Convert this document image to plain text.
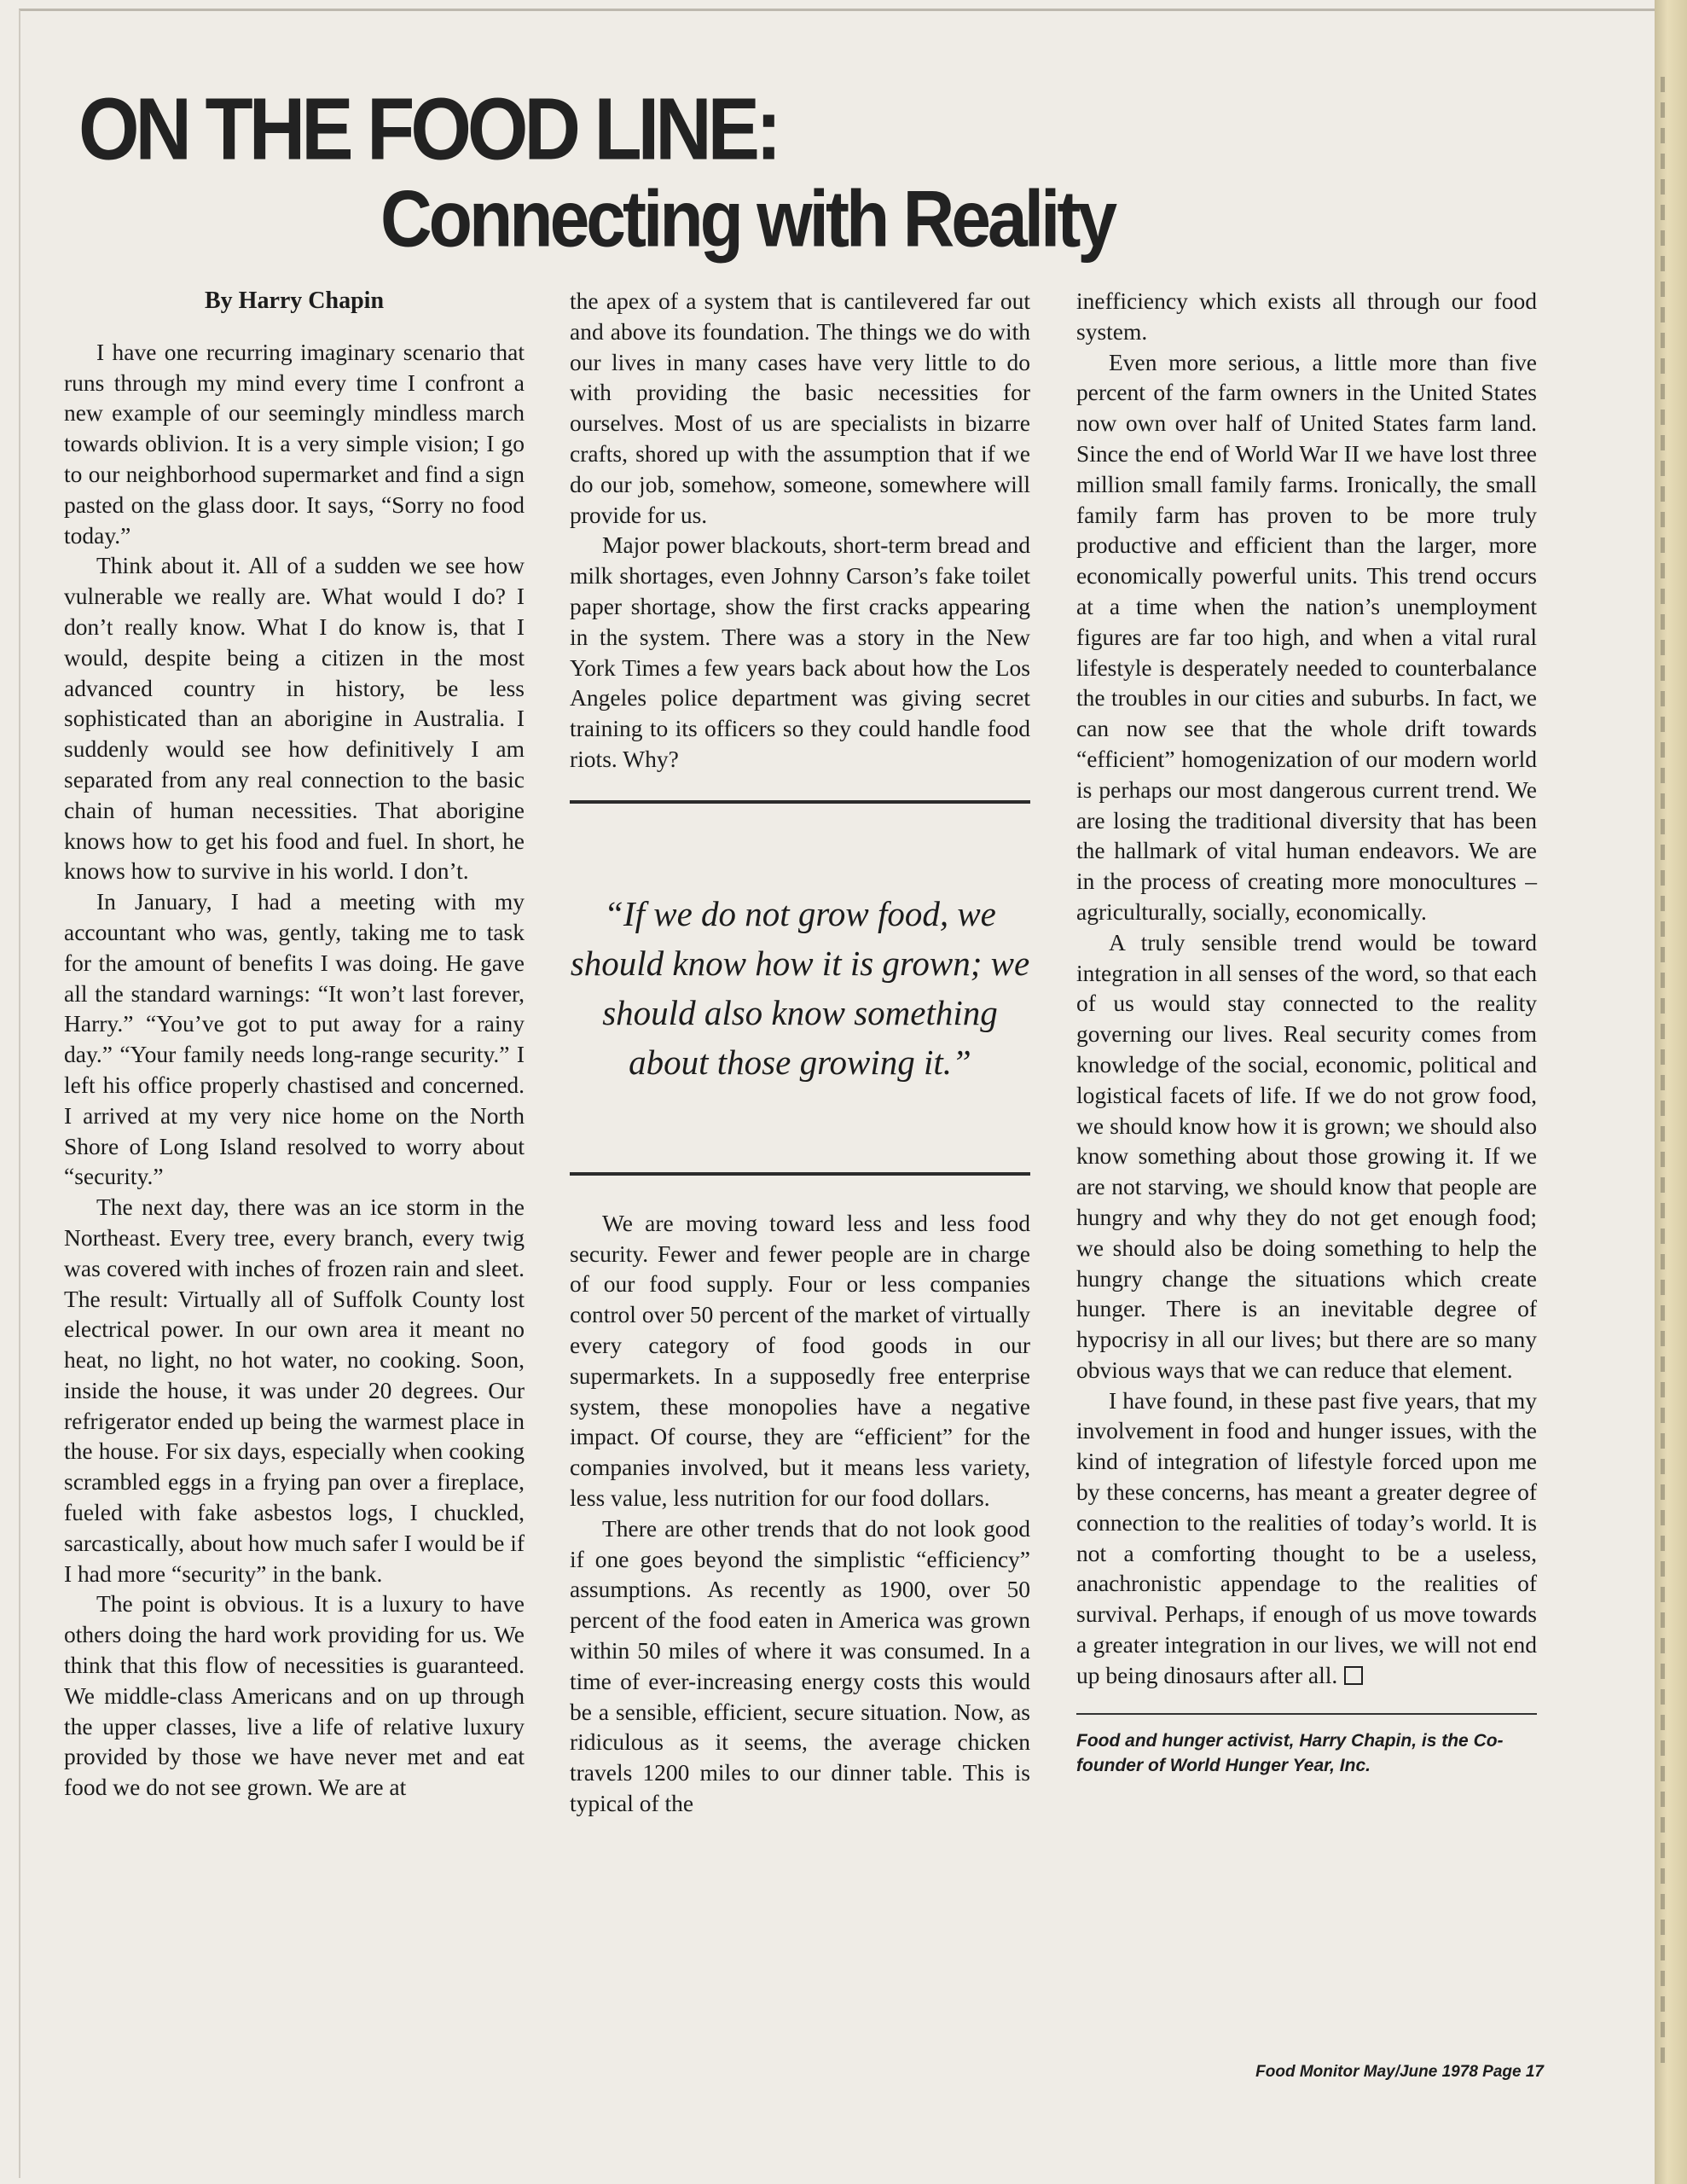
ON THE FOOD LINE:
Connecting with Reality

By Harry Chapin

I have one recurring imaginary scenario that runs through my mind every time I confront a new example of our seemingly mindless march towards oblivion. It is a very simple vision; I go to our neighborhood supermarket and find a sign pasted on the glass door. It says, “Sorry no food today.”

Think about it. All of a sudden we see how vulnerable we really are. What would I do? I don’t really know. What I do know is, that I would, despite being a citizen in the most advanced country in history, be less sophisticated than an aborigine in Australia. I suddenly would see how definitively I am separated from any real connection to the basic chain of human necessities. That aborigine knows how to get his food and fuel. In short, he knows how to survive in his world. I don’t.

In January, I had a meeting with my accountant who was, gently, taking me to task for the amount of benefits I was doing. He gave all the standard warnings: “It won’t last forever, Harry.” “You’ve got to put away for a rainy day.” “Your family needs long-range security.” I left his office properly chastised and concerned. I arrived at my very nice home on the North Shore of Long Island resolved to worry about “security.”

The next day, there was an ice storm in the Northeast. Every tree, every branch, every twig was covered with inches of frozen rain and sleet. The result: Virtually all of Suffolk County lost electrical power. In our own area it meant no heat, no light, no hot water, no cooking. Soon, inside the house, it was under 20 degrees. Our refrigerator ended up being the warmest place in the house. For six days, especially when cooking scrambled eggs in a frying pan over a fireplace, fueled with fake asbestos logs, I chuckled, sarcastically, about how much safer I would be if I had more “security” in the bank.

The point is obvious. It is a luxury to have others doing the hard work providing for us. We think that this flow of necessities is guaranteed. We middle-class Americans and on up through the upper classes, live a life of relative luxury provided by those we have never met and eat food we do not see grown. We are at

the apex of a system that is cantilevered far out and above its foundation. The things we do with our lives in many cases have very little to do with providing the basic necessities for ourselves. Most of us are specialists in bizarre crafts, shored up with the assumption that if we do our job, somehow, someone, somewhere will provide for us.

Major power blackouts, short-term bread and milk shortages, even Johnny Carson’s fake toilet paper shortage, show the first cracks appearing in the system. There was a story in the New York Times a few years back about how the Los Angeles police department was giving secret training to its officers so they could handle food riots. Why?

“If we do not grow food, we should know how it is grown; we should also know something about those growing it.”

We are moving toward less and less food security. Fewer and fewer people are in charge of our food supply. Four or less companies control over 50 percent of the market of virtually every category of food goods in our supermarkets. In a supposedly free enterprise system, these monopolies have a negative impact. Of course, they are “efficient” for the companies involved, but it means less variety, less value, less nutrition for our food dollars.

There are other trends that do not look good if one goes beyond the simplistic “efficiency” assumptions. As recently as 1900, over 50 percent of the food eaten in America was grown within 50 miles of where it was consumed. In a time of ever-increasing energy costs this would be a sensible, efficient, secure situation. Now, as ridiculous as it seems, the average chicken travels 1200 miles to our dinner table. This is typical of the

inefficiency which exists all through our food system.

Even more serious, a little more than five percent of the farm owners in the United States now own over half of United States farm land. Since the end of World War II we have lost three million small family farms. Ironically, the small family farm has proven to be more truly productive and efficient than the larger, more economically powerful units. This trend occurs at a time when the nation’s unemployment figures are far too high, and when a vital rural lifestyle is desperately needed to counterbalance the troubles in our cities and suburbs. In fact, we can now see that the whole drift towards “efficient” homogenization of our modern world is perhaps our most dangerous current trend. We are losing the traditional diversity that has been the hallmark of vital human endeavors. We are in the process of creating more monocultures – agriculturally, socially, economically.

A truly sensible trend would be toward integration in all senses of the word, so that each of us would stay connected to the reality governing our lives. Real security comes from knowledge of the social, economic, political and logistical facets of life. If we do not grow food, we should know how it is grown; we should also know something about those growing it. If we are not starving, we should know that people are hungry and why they do not get enough food; we should also be doing something to help the hungry change the situations which create hunger. There is an inevitable degree of hypocrisy in all our lives; but there are so many obvious ways that we can reduce that element.

I have found, in these past five years, that my involvement in food and hunger issues, with the kind of integration of lifestyle forced upon me by these concerns, has meant a greater degree of connection to the realities of today’s world. It is not a comforting thought to be a useless, anachronistic appendage to the realities of survival. Perhaps, if enough of us move towards a greater integration in our lives, we will not end up being dinosaurs after all.

Food and hunger activist, Harry Chapin, is the Co-founder of World Hunger Year, Inc.

Food Monitor May/June 1978 Page 17
